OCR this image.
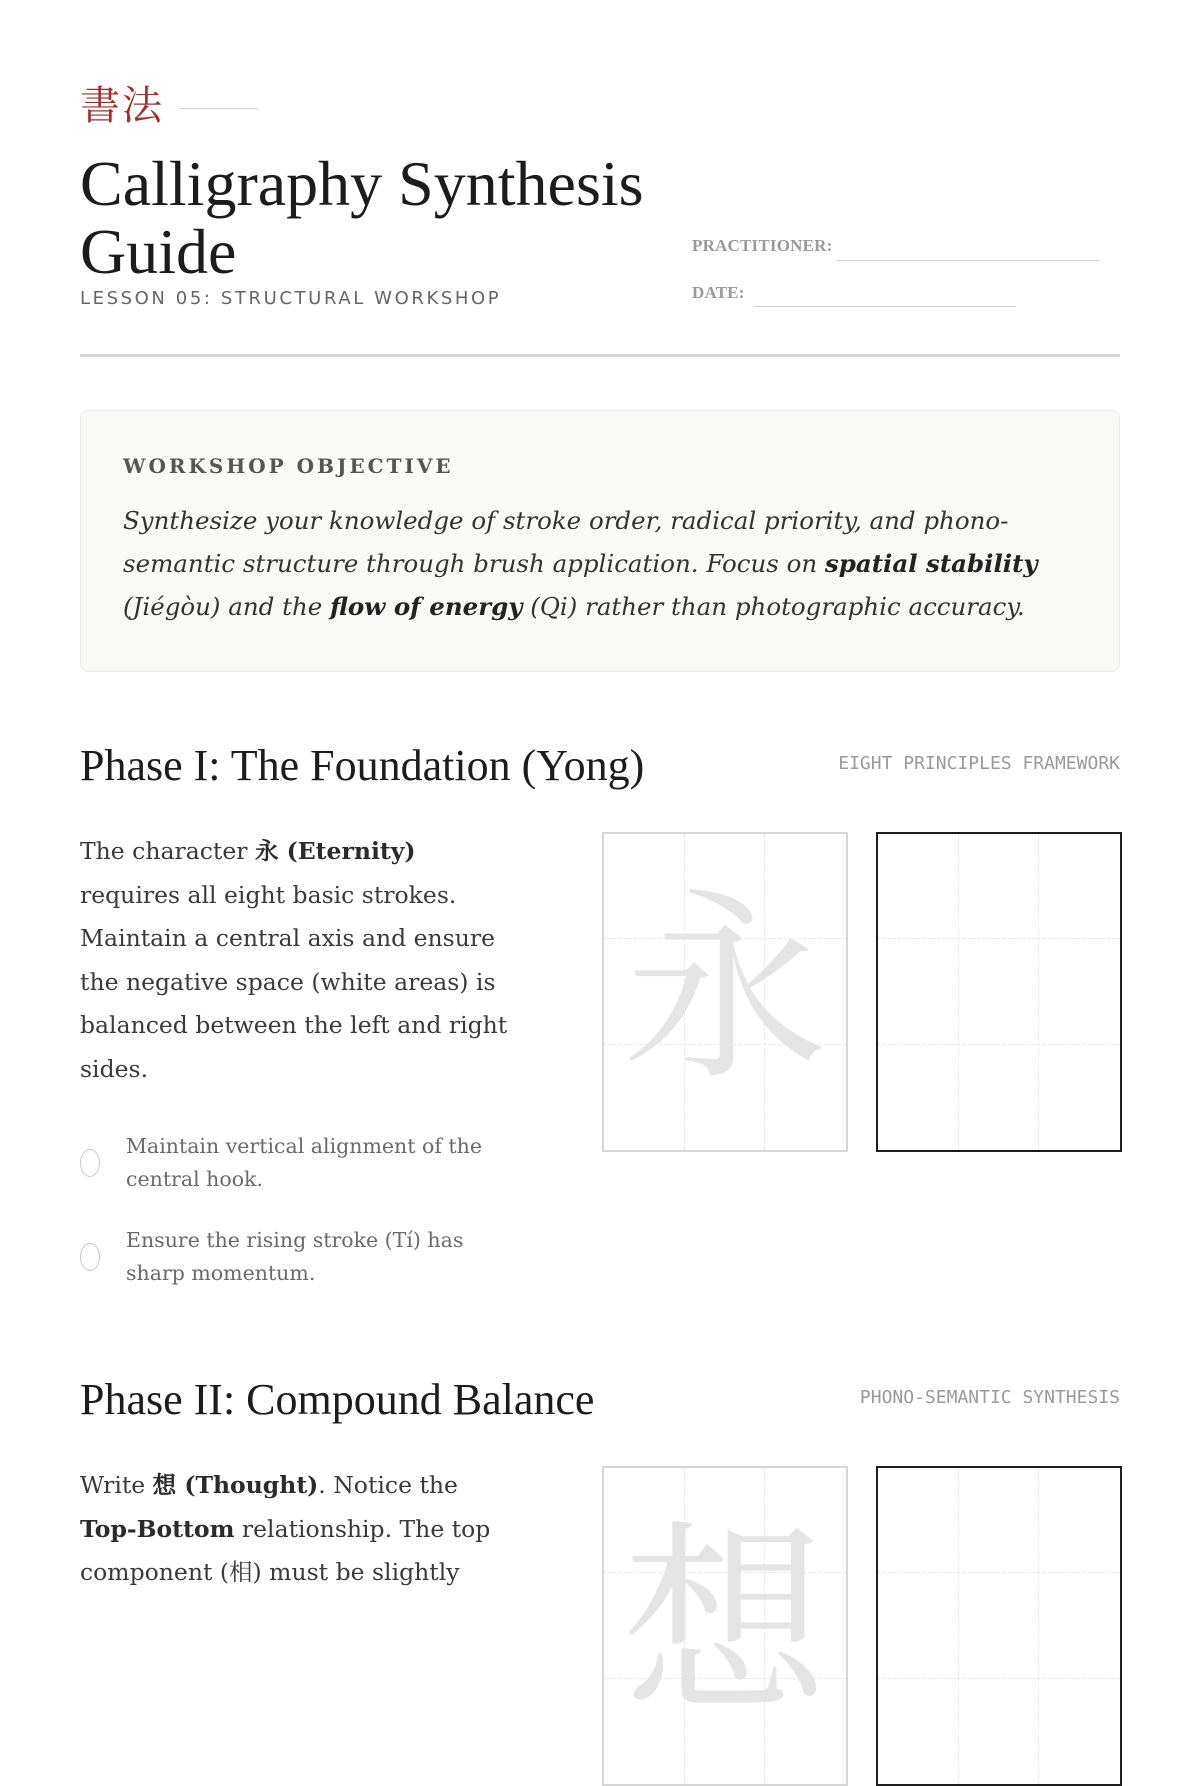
書法
Calligraphy Synthesis Guide
LESSON 05: STRUCTURAL WORKSHOP
PRACTITIONER:
DATE:
WORKSHOP OBJECTIVE

Synthesize your knowledge of stroke order, radical priority, and phono-semantic structure through brush application. Focus on spatial stability (Jiégòu) and the flow of energy (Qi) rather than photographic accuracy.

Phase I: The Foundation (Yong)	EIGHT PRINCIPLES FRAMEWORK

The character 永 (Eternity) requires all eight basic strokes. Maintain a central axis and ensure the negative space (white areas) is balanced between the left and right sides.

Maintain vertical alignment of the central hook.
Ensure the rising stroke (Tí) has sharp momentum.
永
Phase II: Compound Balance	PHONO-SEMANTIC SYNTHESIS

Write 想 (Thought). Notice the Top-Bottom relationship. The top component (相) must be slightly 想
